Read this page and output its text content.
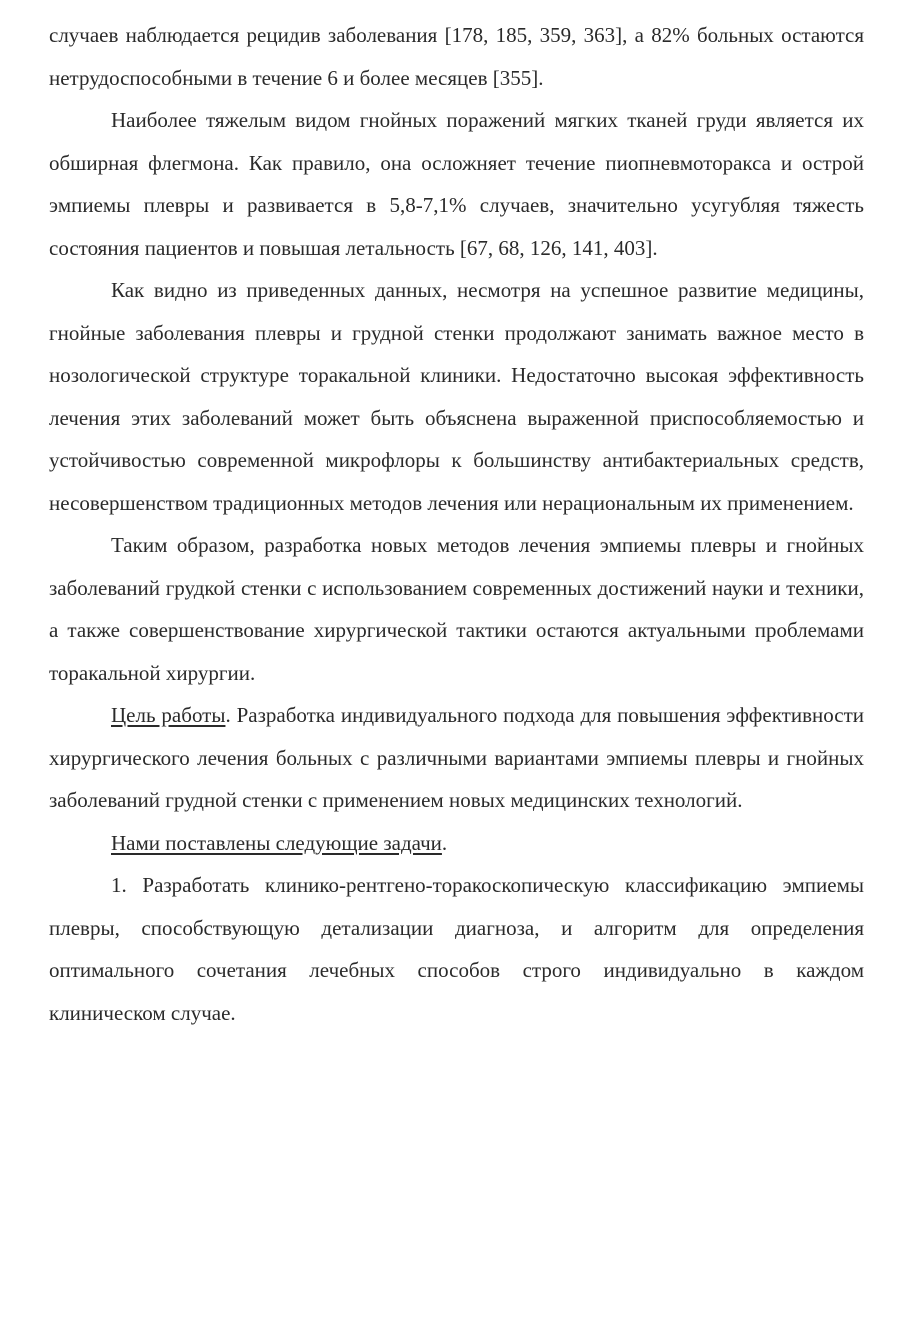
случаев наблюдается рецидив заболевания [178, 185, 359, 363], а 82% больных остаются нетрудоспособными в течение 6 и более месяцев [355].

Наиболее тяжелым видом гнойных поражений мягких тканей груди является их обширная флегмона. Как правило, она осложняет течение пиопневмоторакса и острой эмпиемы плевры и развивается в 5,8-7,1% случаев, значительно усугубляя тяжесть состояния пациентов и повышая летальность [67, 68, 126, 141, 403].

Как видно из приведенных данных, несмотря на успешное развитие медицины, гнойные заболевания плевры и грудной стенки продолжают занимать важное место в нозологической структуре торакальной клиники. Недостаточно высокая эффективность лечения этих заболеваний может быть объяснена выраженной приспособляемостью и устойчивостью современной микрофлоры к большинству антибактериальных средств, несовершенством традиционных методов лечения или нерациональным их применением.

Таким образом, разработка новых методов лечения эмпиемы плевры и гнойных заболеваний грудкой стенки с использованием современных достижений науки и техники, а также совершенствование хирургической тактики остаются актуальными проблемами торакальной хирургии.

Цель работы. Разработка индивидуального подхода для повышения эффективности хирургического лечения больных с различными вариантами эмпиемы плевры и гнойных заболеваний грудной стенки с применением новых медицинских технологий.

Нами поставлены следующие задачи.

1. Разработать клинико-рентгено-торакоскопическую классификацию эмпиемы плевры, способствующую детализации диагноза, и алгоритм для определения оптимального сочетания лечебных способов строго индивидуально в каждом клиническом случае.
